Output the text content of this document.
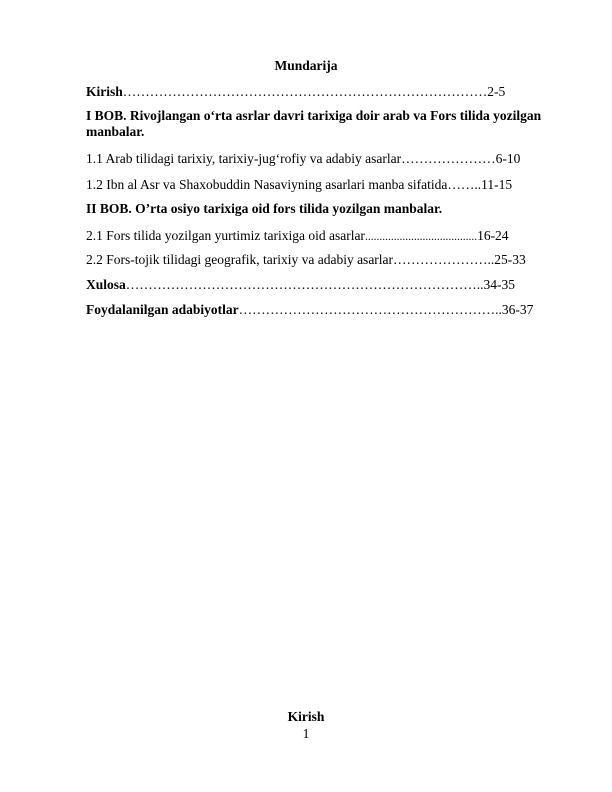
Mundarija
Kirish………………………………………………………………………2-5
I BOB. Rivojlangan o‘rta asrlar davri tarixiga doir arab va Fors tilida yozilgan manbalar.
1.1 Arab tilidagi tarixiy, tarixiy-jug‘rofiy va adabiy asarlar…………………6-10
1.2 Ibn al Asr va Shaxobuddin Nasaviyning asarlari manba sifatida……..11-15
II BOB. O’rta osiyo tarixiga oid fors tilida yozilgan manbalar.
2.1 Fors tilida yozilgan yurtimiz tarixiga oid asarlar.......................................16-24
2.2 Fors-tojik tilidagi geografik, tarixiy va adabiy asarlar…………………..25-33
Xulosa……………………………………………………………………..34-35
Foydalanilgan adabiyotlar…………………………………………………..36-37
Kirish
1
